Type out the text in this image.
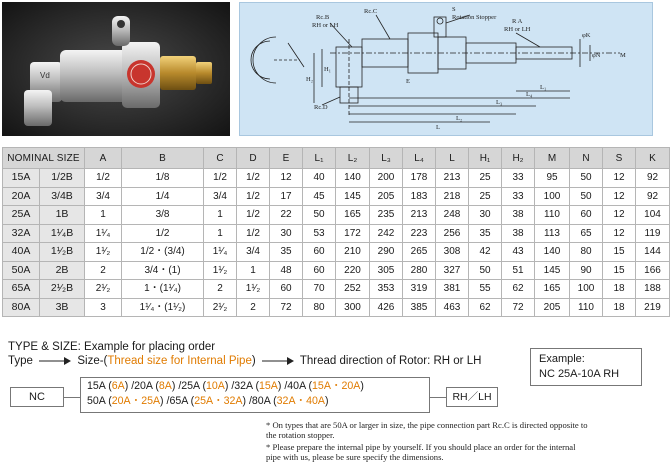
Vd
Rc.C	S
Rotation Stopper
Rc.B
RH or LH
R A
RH or LH
Rc.D
H₁
H₂
L₁
L₂
L₃
L₄
L
φK
φN
E
M
NOMINAL SIZE		A	B	C	D	E	L₁	L₂	L₃	L₄	L	H₁	H₂	M	N	S	K
15A	1/2B	1/2	1/8	1/2	1/2	12	40	140	200	178	213	25	33	95	50	12	92
20A	3/4B	3/4	1/4	3/4	1/2	17	45	145	205	183	218	25	33	100	50	12	92
25A	1B	1	3/8	1	1/2	22	50	165	235	213	248	30	38	110	60	12	104
32A	1¹⁄₄B	1¹⁄₄	1/2	1	1/2	30	53	172	242	223	256	35	38	113	65	12	119
40A	1¹⁄₂B	1¹⁄₂	1/2・(3/4)	1¹⁄₄	3/4	35	60	210	290	265	308	42	43	140	80	15	144
50A	2B	2	3/4・(1)	1¹⁄₂	1	48	60	220	305	280	327	50	51	145	90	15	166
65A	2¹⁄₂B	2¹⁄₂	1・(1¹⁄₄)	2	1¹⁄₂	60	70	252	353	319	381	55	62	165	100	18	188
80A	3B	3	1¹⁄₄・(1¹⁄₂)	2¹⁄₂	2	72	80	300	426	385	463	62	72	205	110	18	219
TYPE & SIZE: Example for placing order
Type	Size-(Thread size for Internal Pipe)	Thread direction of Rotor: RH or LH	Example:
NC 25A-10A RH
NC
15A (6A) /20A (8A) /25A (10A) /32A (15A) /40A (15A・20A)
50A (20A・25A) /65A (25A・32A) /80A (32A・40A)	RH／LH
* On types that are 50A or larger in size, the pipe connection part Rc.C is directed opposite to
the rotation stopper.
* Please prepare the internal pipe by yourself. If you should place an order for the internal
pipe with us, please be sure specify the dimensions.
